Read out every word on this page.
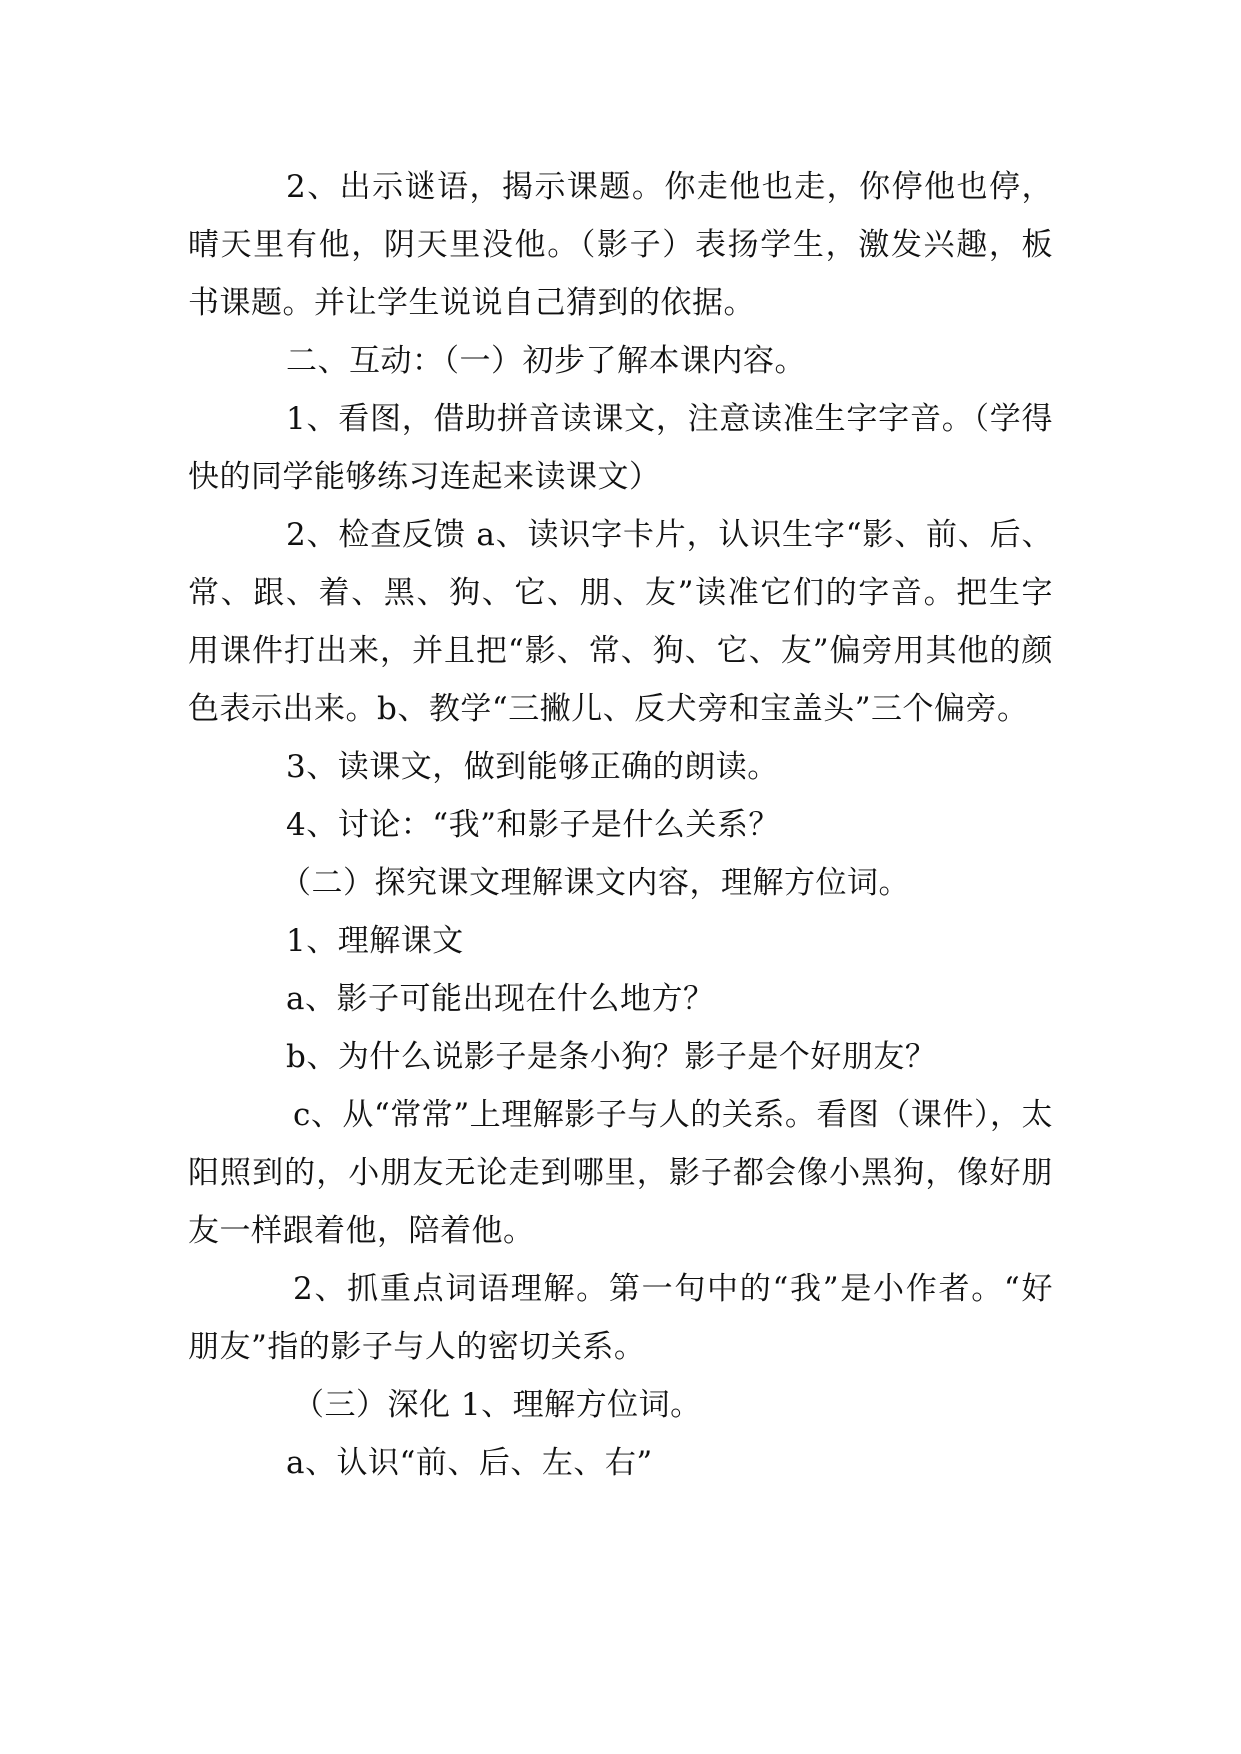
2、出示谜语，揭示课题。你走他也走，你停他也停，晴天里有他，阴天里没他。（影子）表扬学生，激发兴趣，板书课题。并让学生说说自己猜到的依据。

二、互动：（一）初步了解本课内容。

1、看图，借助拼音读课文，注意读准生字字音。（学得快的同学能够练习连起来读课文）

2、检查反馈 a、读识字卡片，认识生字“影、前、后、常、跟、着、黑、狗、它、朋、友”读准它们的字音。把生字用课件打出来，并且把“影、常、狗、它、友”偏旁用其他的颜色表示出来。b、教学“三撇儿、反犬旁和宝盖头”三个偏旁。

3、读课文，做到能够正确的朗读。

4、讨论：“我”和影子是什么关系？

（二）探究课文理解课文内容，理解方位词。

1、理解课文

a、影子可能出现在什么地方？

b、为什么说影子是条小狗？影子是个好朋友？

c、从“常常”上理解影子与人的关系。看图（课件），太阳照到的，小朋友无论走到哪里，影子都会像小黑狗，像好朋友一样跟着他，陪着他。

2、抓重点词语理解。第一句中的“我”是小作者。“好朋友”指的影子与人的密切关系。

（三）深化 1、理解方位词。

a、认识“前、后、左、右”
